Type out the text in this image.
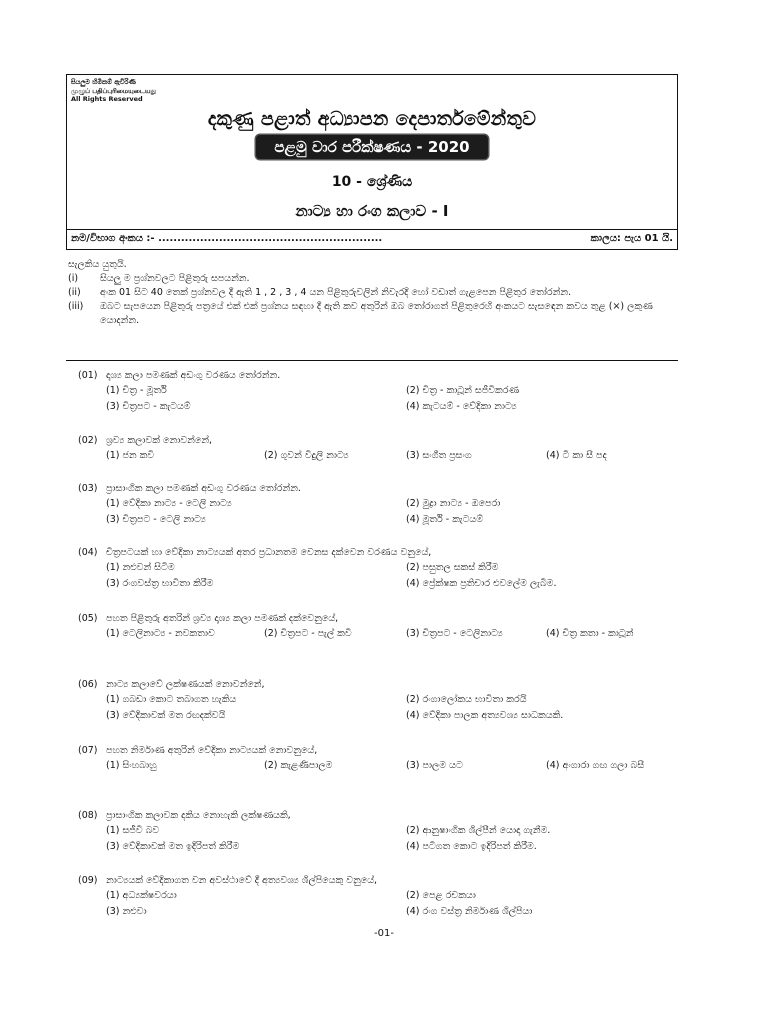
සියලුම හිමිකම් ඇවිරිණි
முழுப் பதிப்புரிமையுடையது
All Rights Reserved
දකුණු පළාත් අධ්‍යාපන දෙපාර්තමේන්තුව
පළමු වාර පරීක්ෂණය - 2020
10 - ශ්‍රේණිය
නාට්‍ය හා රංග කලාව - I
නම/විභාග අංකය :- ...........................................................	කාලය: පැය 01 යි.
සැලකිය යුතුයි.
(i) සියලු ම ප්‍රශ්නවලට පිළිතුරු සපයන්න.
(ii) අංක 01 සිට 40 තෙක් ප්‍රශ්නවල දී ඇති 1 , 2 , 3 , 4 යන පිළිතුරුවලින් නිවැරදි හෝ වඩාත් ගැළපෙන පිළිතුර තෝරන්න.
(iii) ඔබට සැපයෙන පිළිතුරු පත්‍රයේ එක් එක් ප්‍රශ්නය සඳහා දී ඇති කව අතුරින් ඔබ තෝරාගත් පිළිතුරෙහි අංකයට සැසඳෙන කවය තුළ (×) ලකුණ යොදන්න.
(01) දෘශ්‍ය කලා පමණක් අඩංගු වරණය තෝරන්න.
(1) චිත්‍ර - මූර්ති	(2) චිත්‍ර - කාටූන් සජීවීකරණ
(3) චිත්‍රපට - කැටයම්	(4) කැටයම් - වේදිකා නාට්‍ය
(02) ශ්‍රව්‍ය කලාවක් නොවන්නේ,
(1) ජන කවි	(2) ගුවන් විදුලි නාට්‍ය	(3) සංගීත ප්‍රසංග	(4) ටී කා සී පද
(03) ප්‍රාසාංගික කලා පමණක් අඩංගු වරණය තෝරන්න.
(1) වේදිකා නාට්‍ය - ටෙලි නාට්‍ය	(2) මුද්‍රා නාට්‍ය - ඔපෙරා
(3) චිත්‍රපට - ටෙලි නාට්‍ය	(4) මූර්ති - කැටයම්
(04) චිත්‍රපටයක් හා වේදිකා නාට්‍යයක් අතර ප්‍රධානතම වෙනස දක්වෙන වරණය වනුයේ,
(1) නළුවන් සිටීම	(2) පසුතල සකස් කිරීම
(3) රංගවස්ත්‍ර භාවිතා කිරීම	(4) ප්‍රේක්ෂක ප්‍රතිචාර එවලේම ලැබීම.
(05) පහත පිළිතුරු අතරින් ශ්‍රව්‍ය දෘශ්‍ය කලා පමණක් දක්වෙනුයේ,
(1) ටෙලිනාට්‍ය - නවකතාව	(2) චිත්‍රපට - පැල් කවි	(3) චිත්‍රපට - ටෙලිනාට්‍ය	(4) චිත්‍ර කතා - කාටූන්
(06) නාට්‍ය කලාවේ ලක්ෂණයක් නොවන්නේ,
(1) ගබඩා කොට තබාගත හැකිය	(2) රංගාලෝකය භාවිතා කරයි
(3) වේදිකාවක් මත රඟදක්වයි	(4) වේදිකා පාලක අත්‍යවශ්‍ය සාධකයකි.
(07) පහත නිර්මාණ අතුරින් වේදිකා නාට්‍යයක් නොවනුයේ,
(1) සිංහබාහු	(2) කැළණිපාලම	(3) පාලම යට	(4) අංගාරා ගඟ ගලා බසී
(08) ප්‍රාසාංගික කලාවක දකිය නොහැකි ලක්ෂණයකි,
(1) සජීවී බව	(2) ආනුෂාංගික ශිල්පීන් යොදා ගැනීම.
(3) වේදිකාවක් මත ඉදිරිපත් කිරීම	(4) පටිගත කොට ඉදිරිපත් කිරීම.
(09) නාට්‍යයක් වේදිකාගත වන අවස්ථාවේ දී අත්‍යවශ්‍ය ශිල්පියෙකු වනුයේ,
(1) අධ්‍යක්ෂවරයා	(2) පෙළ රචකයා
(3) නළුවා	(4) රංග වස්ත්‍ර නිර්මාණ ශිල්පියා
-01-
